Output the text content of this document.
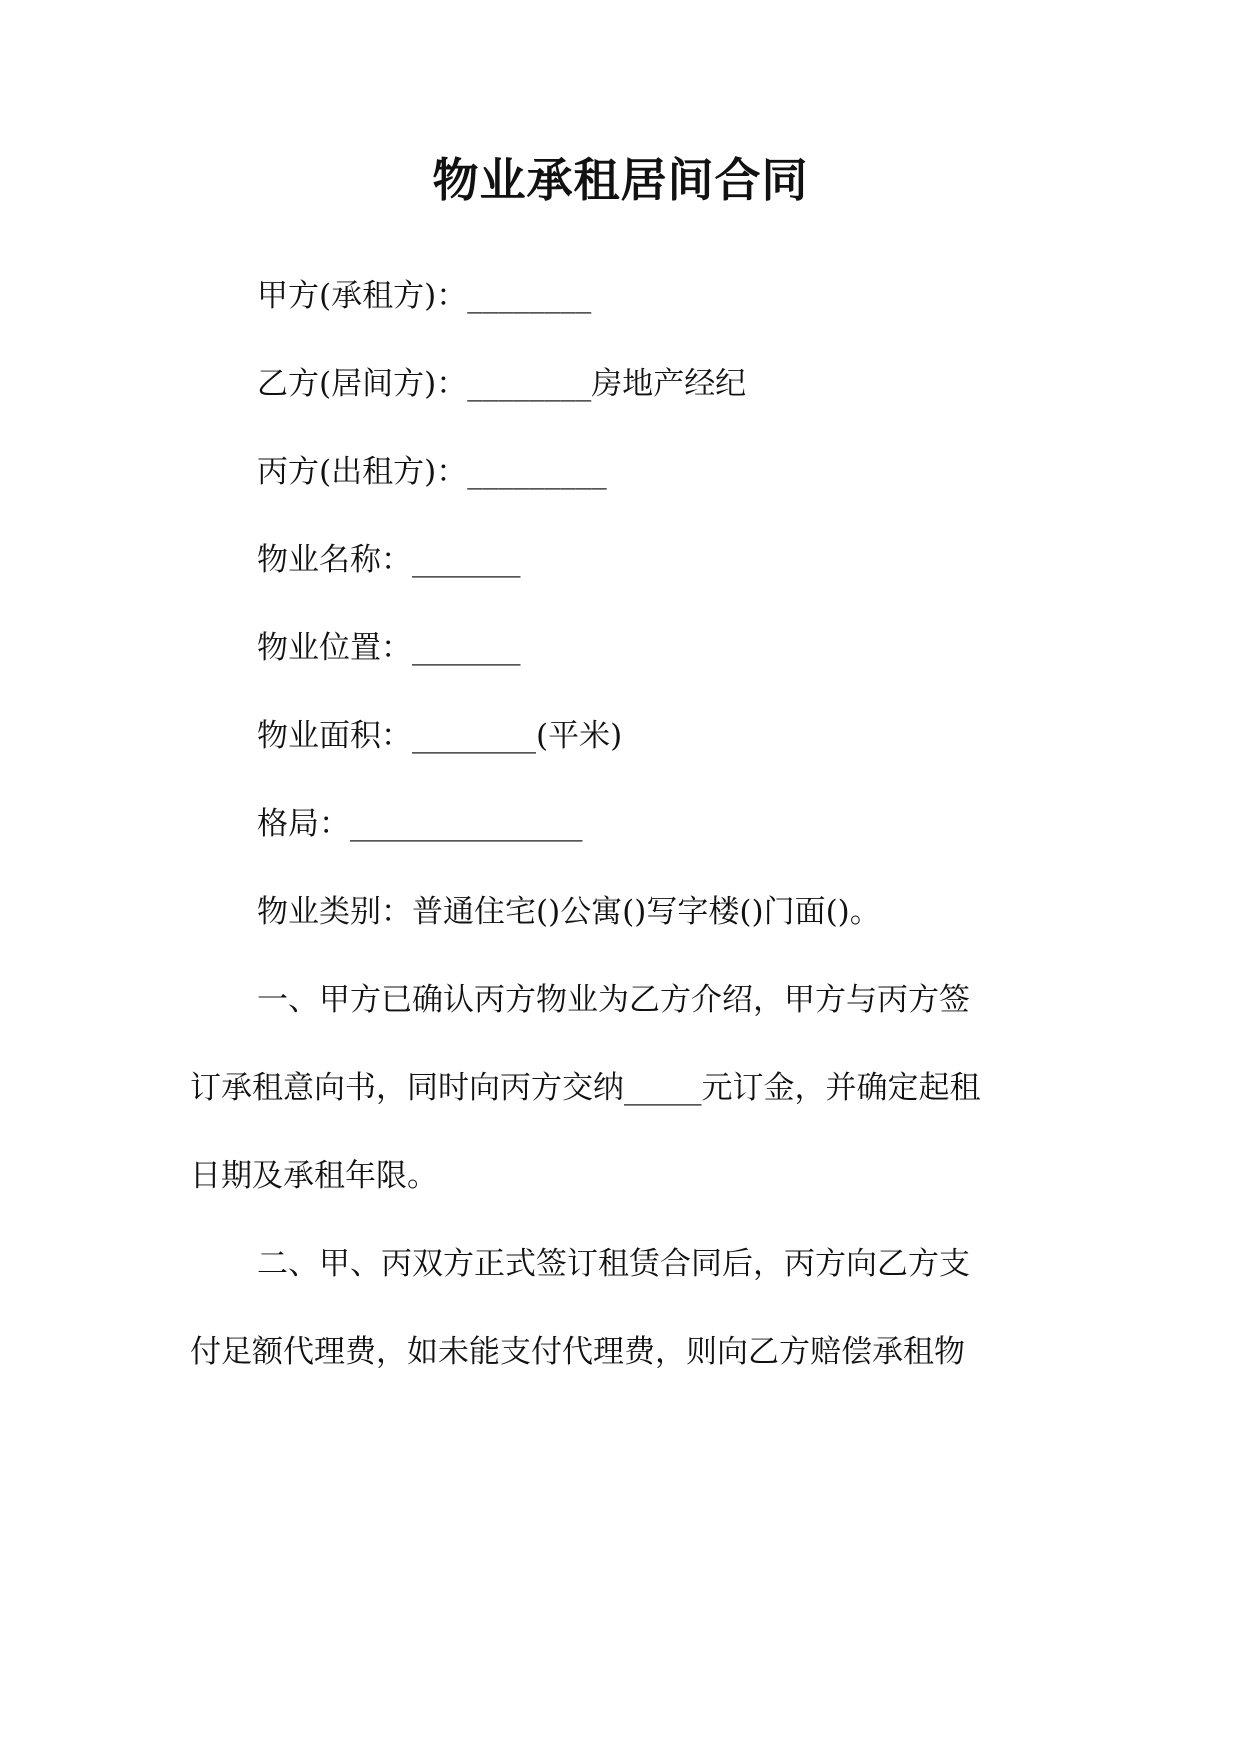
物业承租居间合同
甲方(承租方)：________
乙方(居间方)：________房地产经纪
丙方(出租方)：_________
物业名称：_______
物业位置：_______
物业面积：________(平米)
格局：_______________
物业类别：普通住宅()公寓()写字楼()门面()。
一、甲方已确认丙方物业为乙方介绍，甲方与丙方签
订承租意向书，同时向丙方交纳_____元订金，并确定起租
日期及承租年限。
二、甲、丙双方正式签订租赁合同后，丙方向乙方支
付足额代理费，如未能支付代理费，则向乙方赔偿承租物
